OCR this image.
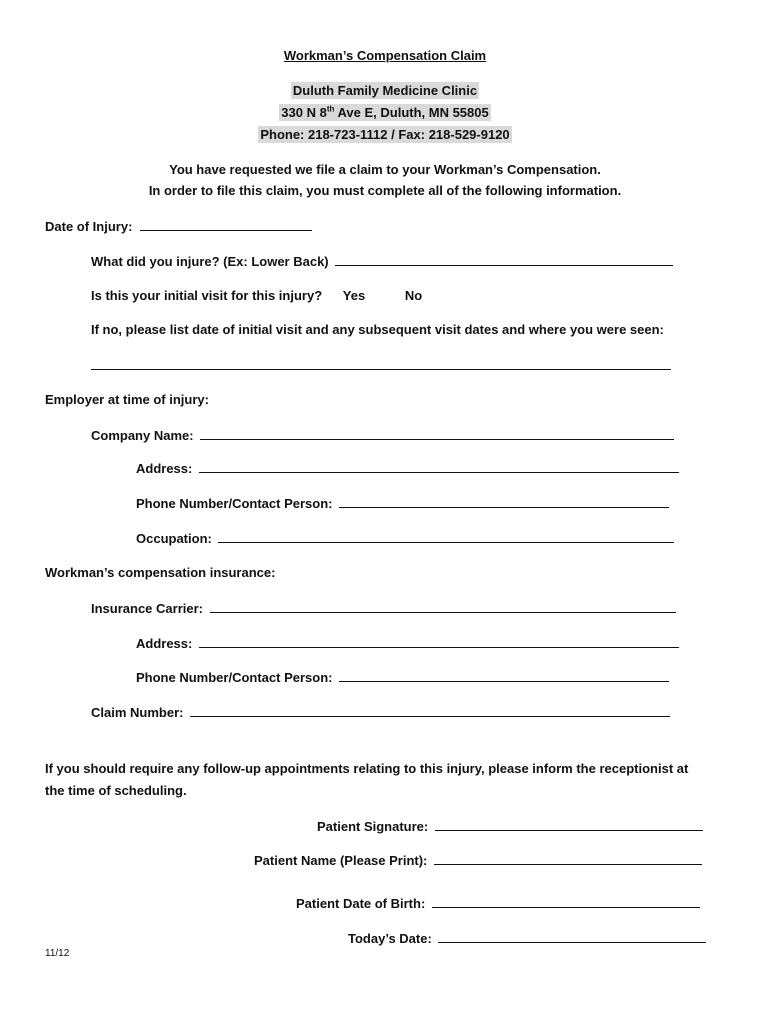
Workman’s Compensation Claim
Duluth Family Medicine Clinic
330 N 8th Ave E, Duluth, MN 55805
Phone: 218-723-1112 / Fax: 218-529-9120
You have requested we file a claim to your Workman’s Compensation.
In order to file this claim, you must complete all of the following information.
Date of Injury:
What did you injure? (Ex: Lower Back)
Is this your initial visit for this injury? Yes	No
If no, please list date of initial visit and any subsequent visit dates and where you were seen:
Employer at time of injury:
Company Name:
Address:
Phone Number/Contact Person:
Occupation:
Workman’s compensation insurance:
Insurance Carrier:
Address:
Phone Number/Contact Person:
Claim Number:
If you should require any follow-up appointments relating to this injury, please inform the receptionist at
the time of scheduling.
Patient Signature:
Patient Name (Please Print):
Patient Date of Birth:
Today’s Date:
11/12
